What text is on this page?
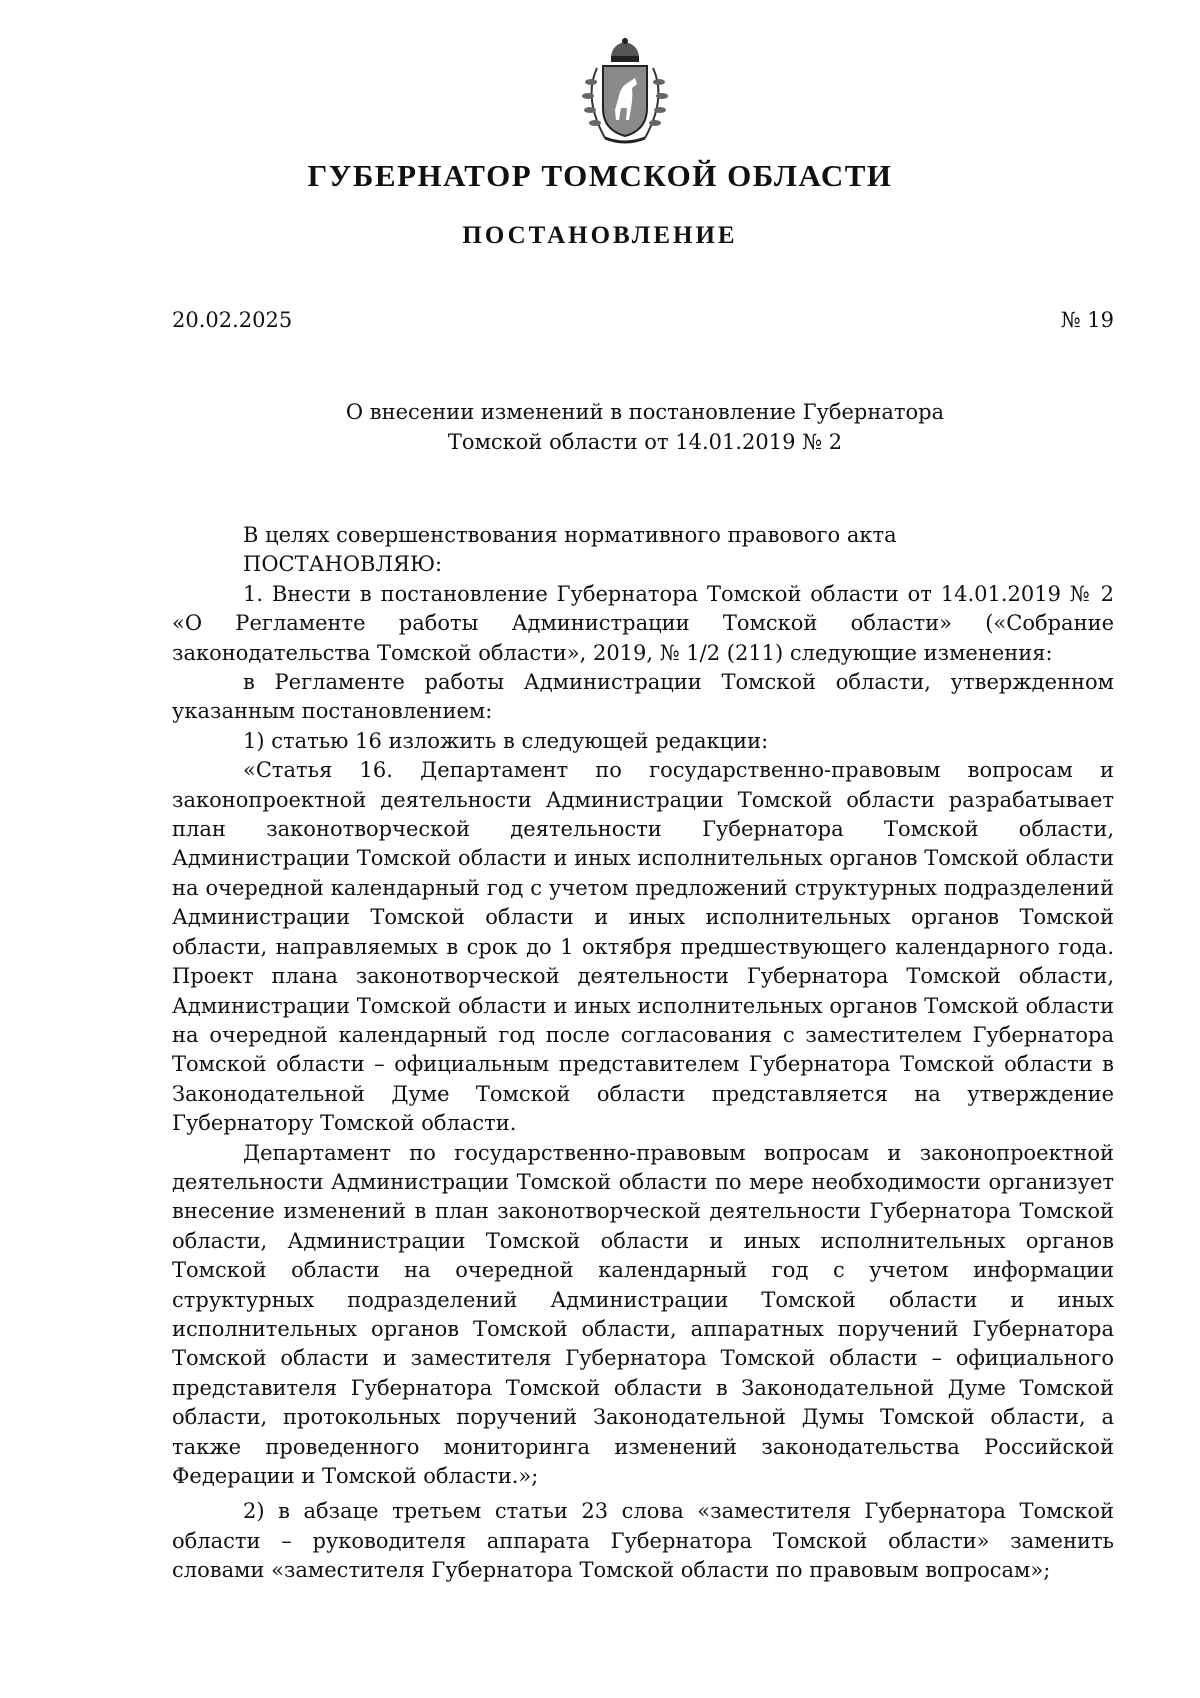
ГУБЕРНАТОР ТОМСКОЙ ОБЛАСТИ
ПОСТАНОВЛЕНИЕ
20.02.2025	№ 19
О внесении изменений в постановление Губернатора
Томской области от 14.01.2019 № 2

В целях совершенствования нормативного правового акта

ПОСТАНОВЛЯЮ:

1. Внести в постановление Губернатора Томской области от 14.01.2019 № 2 «О Регламенте работы Администрации Томской области» («Собрание законодательства Томской области», 2019, № 1/2 (211) следующие изменения:

в Регламенте работы Администрации Томской области, утвержденном указанным постановлением:

1) статью 16 изложить в следующей редакции:

«Статья 16. Департамент по государственно-правовым вопросам и законопроектной деятельности Администрации Томской области разрабатывает план законотворческой деятельности Губернатора Томской области, Администрации Томской области и иных исполнительных органов Томской области на очередной календарный год с учетом предложений структурных подразделений Администрации Томской области и иных исполнительных органов Томской области, направляемых в срок до 1 октября предшествующего календарного года. Проект плана законотворческой деятельности Губернатора Томской области, Администрации Томской области и иных исполнительных органов Томской области на очередной календарный год после согласования с заместителем Губернатора Томской области – официальным представителем Губернатора Томской области в Законодательной Думе Томской области представляется на утверждение Губернатору Томской области.

Департамент по государственно-правовым вопросам и законопроектной деятельности Администрации Томской области по мере необходимости организует внесение изменений в план законотворческой деятельности Губернатора Томской области, Администрации Томской области и иных исполнительных органов Томской области на очередной календарный год с учетом информации структурных подразделений Администрации Томской области и иных исполнительных органов Томской области, аппаратных поручений Губернатора Томской области и заместителя Губернатора Томской области – официального представителя Губернатора Томской области в Законодательной Думе Томской области, протокольных поручений Законодательной Думы Томской области, а также проведенного мониторинга изменений законодательства Российской Федерации и Томской области.»;

2) в абзаце третьем статьи 23 слова «заместителя Губернатора Томской области – руководителя аппарата Губернатора Томской области» заменить словами «заместителя Губернатора Томской области по правовым вопросам»;
